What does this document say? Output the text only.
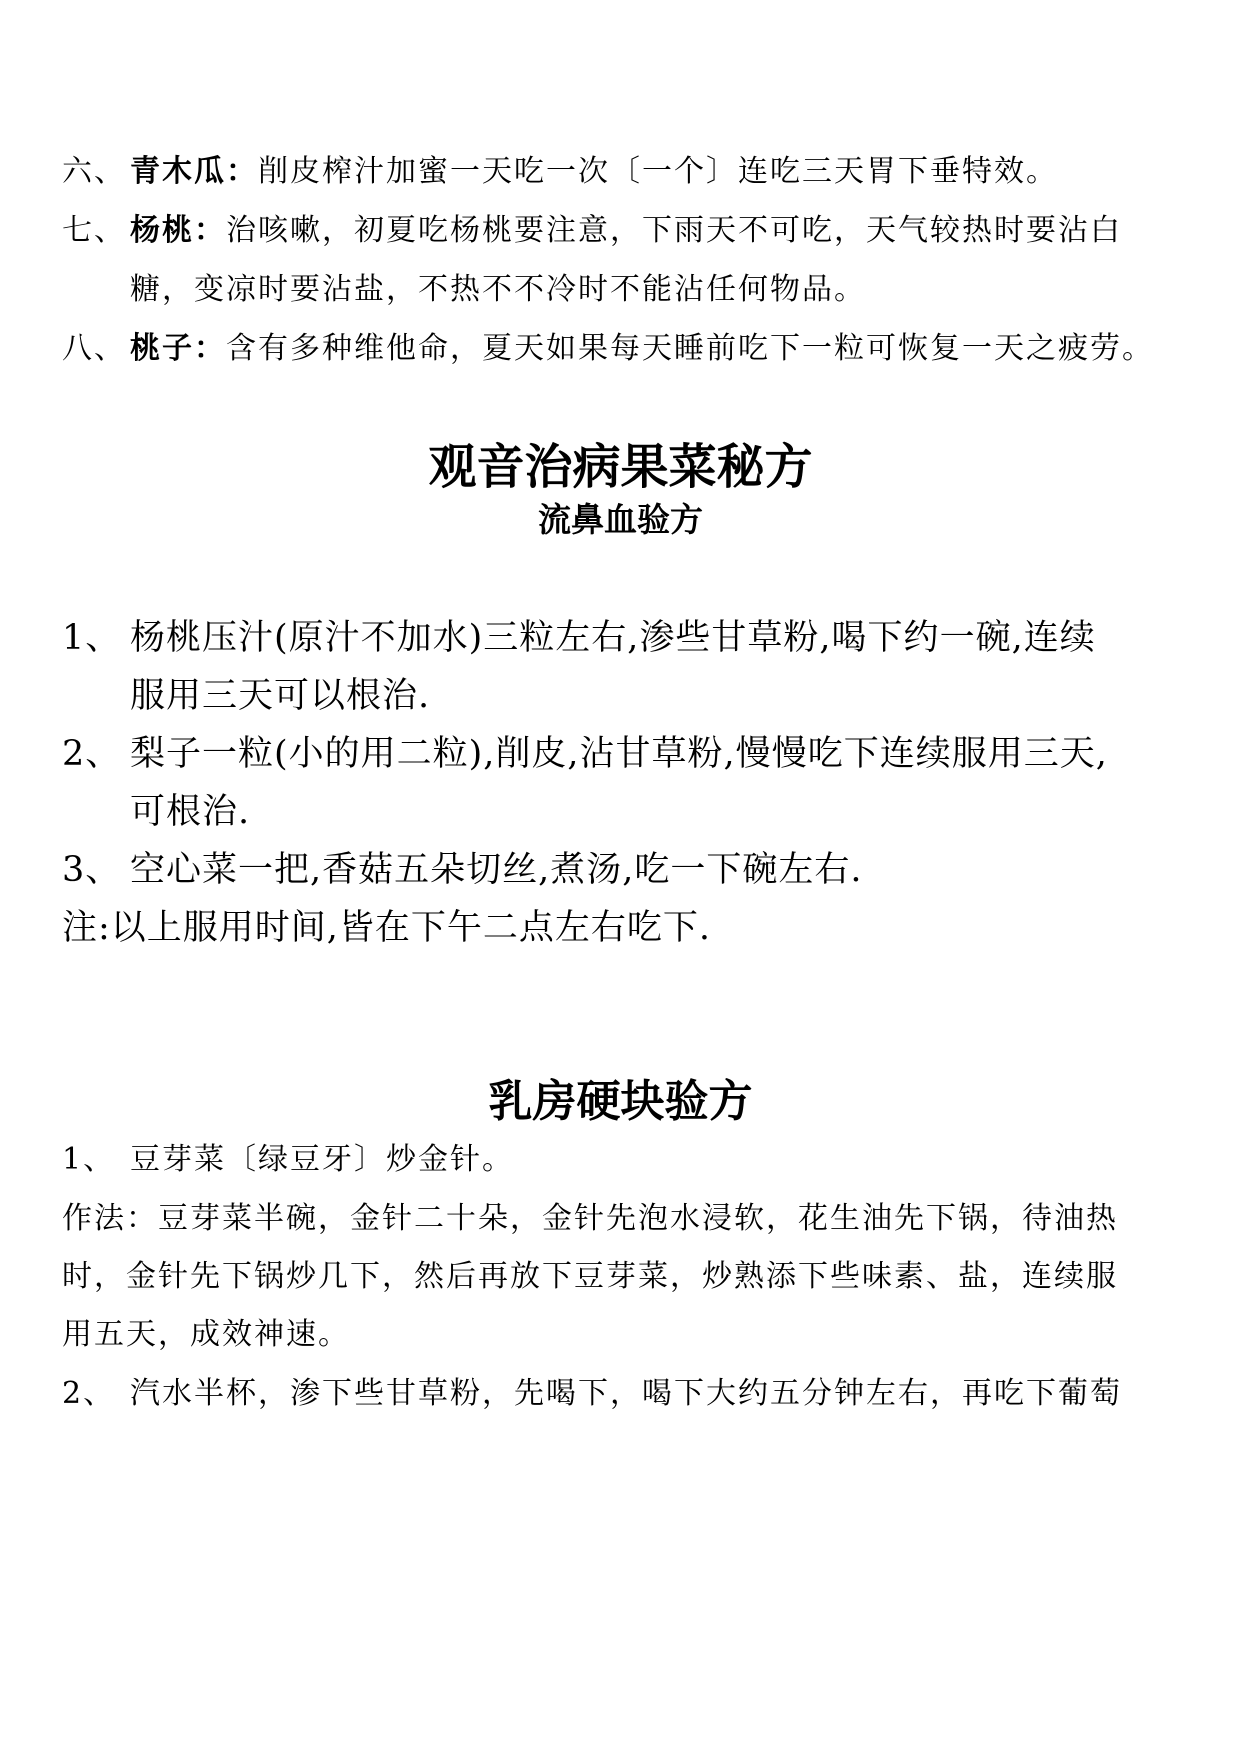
六、 青木瓜：削皮榨汁加蜜一天吃一次〔一个〕连吃三天胃下垂特效。
七、 杨桃：治咳嗽，初夏吃杨桃要注意，下雨天不可吃，天气较热时要沾白
糖，变凉时要沾盐，不热不不冷时不能沾任何物品。
八、 桃子：含有多种维他命，夏天如果每天睡前吃下一粒可恢复一天之疲劳。
观音治病果菜秘方
流鼻血验方
1、 杨桃压汁(原汁不加水)三粒左右,渗些甘草粉,喝下约一碗,连续
服用三天可以根治.
2、 梨子一粒(小的用二粒),削皮,沾甘草粉,慢慢吃下连续服用三天,
可根治.
3、 空心菜一把,香菇五朵切丝,煮汤,吃一下碗左右.
注:以上服用时间,皆在下午二点左右吃下.
乳房硬块验方
1、 豆芽菜〔绿豆牙〕炒金针。
作法：豆芽菜半碗，金针二十朵，金针先泡水浸软，花生油先下锅，待油热
时，金针先下锅炒几下，然后再放下豆芽菜，炒熟添下些味素、盐，连续服
用五天，成效神速。
2、 汽水半杯，渗下些甘草粉，先喝下，喝下大约五分钟左右，再吃下葡萄
